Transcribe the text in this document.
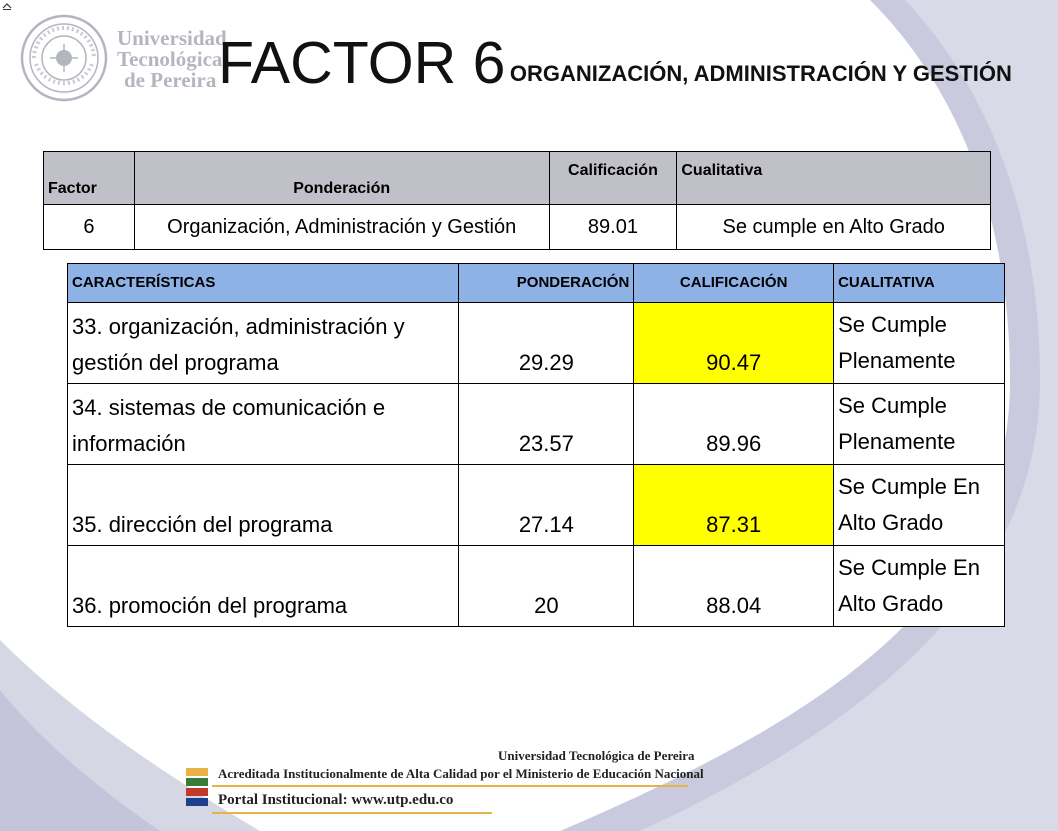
Universidad
Tecnológica
de Pereira FACTOR 6 ORGANIZACIÓN, ADMINISTRACIÓN Y GESTIÓN
Factor	Ponderación	Calificación	Cualitativa
6	Organización, Administración y Gestión	89.01	Se cumple en Alto Grado
CARACTERÍSTICAS	PONDERACIÓN	CALIFICACIÓN	CUALITATIVA
33. organización, administración y gestión del programa	29.29	90.47	Se Cumple Plenamente
34. sistemas de comunicación e información	23.57	89.96	Se Cumple Plenamente
35. dirección del programa	27.14	87.31	Se Cumple En Alto Grado
36. promoción del programa	20	88.04	Se Cumple En Alto Grado
Universidad Tecnológica de Pereira
Acreditada Institucionalmente de Alta Calidad por el Ministerio de Educación Nacional
Portal Institucional: www.utp.edu.co
